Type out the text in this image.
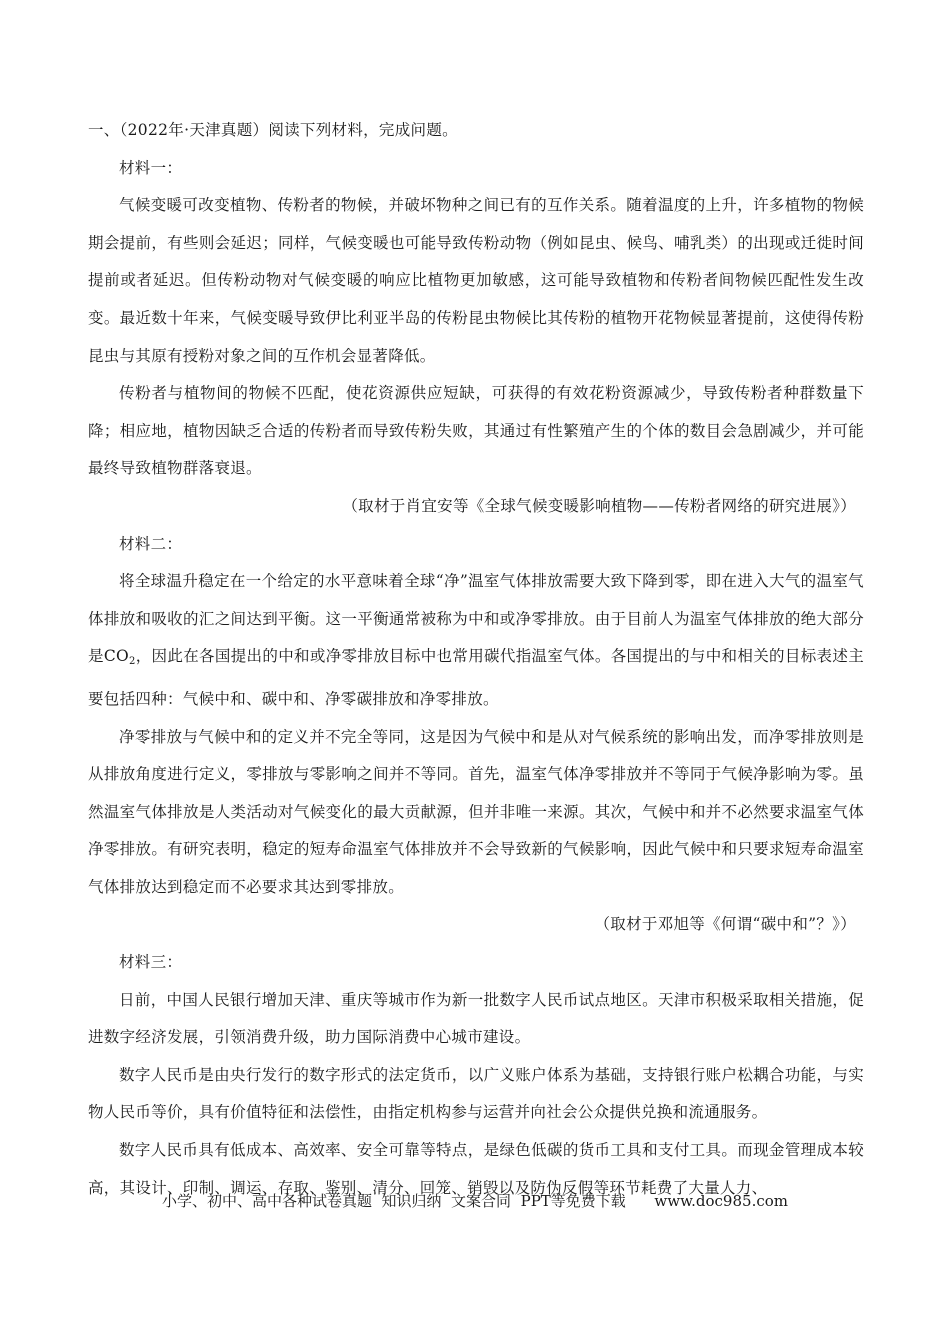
一、（2022年·天津真题）阅读下列材料，完成问题。

材料一：

气候变暖可改变植物、传粉者的物候，并破坏物种之间已有的互作关系。随着温度的上升，许多植物的物候期会提前，有些则会延迟；同样，气候变暖也可能导致传粉动物（例如昆虫、候鸟、哺乳类）的出现或迁徙时间提前或者延迟。但传粉动物对气候变暖的响应比植物更加敏感，这可能导致植物和传粉者间物候匹配性发生改变。最近数十年来，气候变暖导致伊比利亚半岛的传粉昆虫物候比其传粉的植物开花物候显著提前，这使得传粉昆虫与其原有授粉对象之间的互作机会显著降低。

传粉者与植物间的物候不匹配，使花资源供应短缺，可获得的有效花粉资源减少，导致传粉者种群数量下降；相应地，植物因缺乏合适的传粉者而导致传粉失败，其通过有性繁殖产生的个体的数目会急剧减少，并可能最终导致植物群落衰退。

（取材于肖宜安等《全球气候变暖影响植物——传粉者网络的研究进展》）

材料二：

将全球温升稳定在一个给定的水平意味着全球“净”温室气体排放需要大致下降到零，即在进入大气的温室气体排放和吸收的汇之间达到平衡。这一平衡通常被称为中和或净零排放。由于目前人为温室气体排放的绝大部分是$CO_2$，因此在各国提出的中和或净零排放目标中也常用碳代指温室气体。各国提出的与中和相关的目标表述主要包括四种：气候中和、碳中和、净零碳排放和净零排放。

净零排放与气候中和的定义并不完全等同，这是因为气候中和是从对气候系统的影响出发，而净零排放则是从排放角度进行定义，零排放与零影响之间并不等同。首先，温室气体净零排放并不等同于气候净影响为零。虽然温室气体排放是人类活动对气候变化的最大贡献源，但并非唯一来源。其次，气候中和并不必然要求温室气体净零排放。有研究表明，稳定的短寿命温室气体排放并不会导致新的气候影响，因此气候中和只要求短寿命温室气体排放达到稳定而不必要求其达到零排放。

（取材于邓旭等《何谓“碳中和”？》）

材料三：

日前，中国人民银行增加天津、重庆等城市作为新一批数字人民币试点地区。天津市积极采取相关措施，促进数字经济发展，引领消费升级，助力国际消费中心城市建设。

数字人民币是由央行发行的数字形式的法定货币，以广义账户体系为基础，支持银行账户松耦合功能，与实物人民币等价，具有价值特征和法偿性，由指定机构参与运营并向社会公众提供兑换和流通服务。

数字人民币具有低成本、高效率、安全可靠等特点，是绿色低碳的货币工具和支付工具。而现金管理成本较高，其设计、印制、调运、存取、鉴别、清分、回笼、销毁以及防伪反假等环节耗费了大量人力、

小学、初中、高中各种试卷真题  知识归纳  文案合同  PPT等免费下载      www.doc985.com
